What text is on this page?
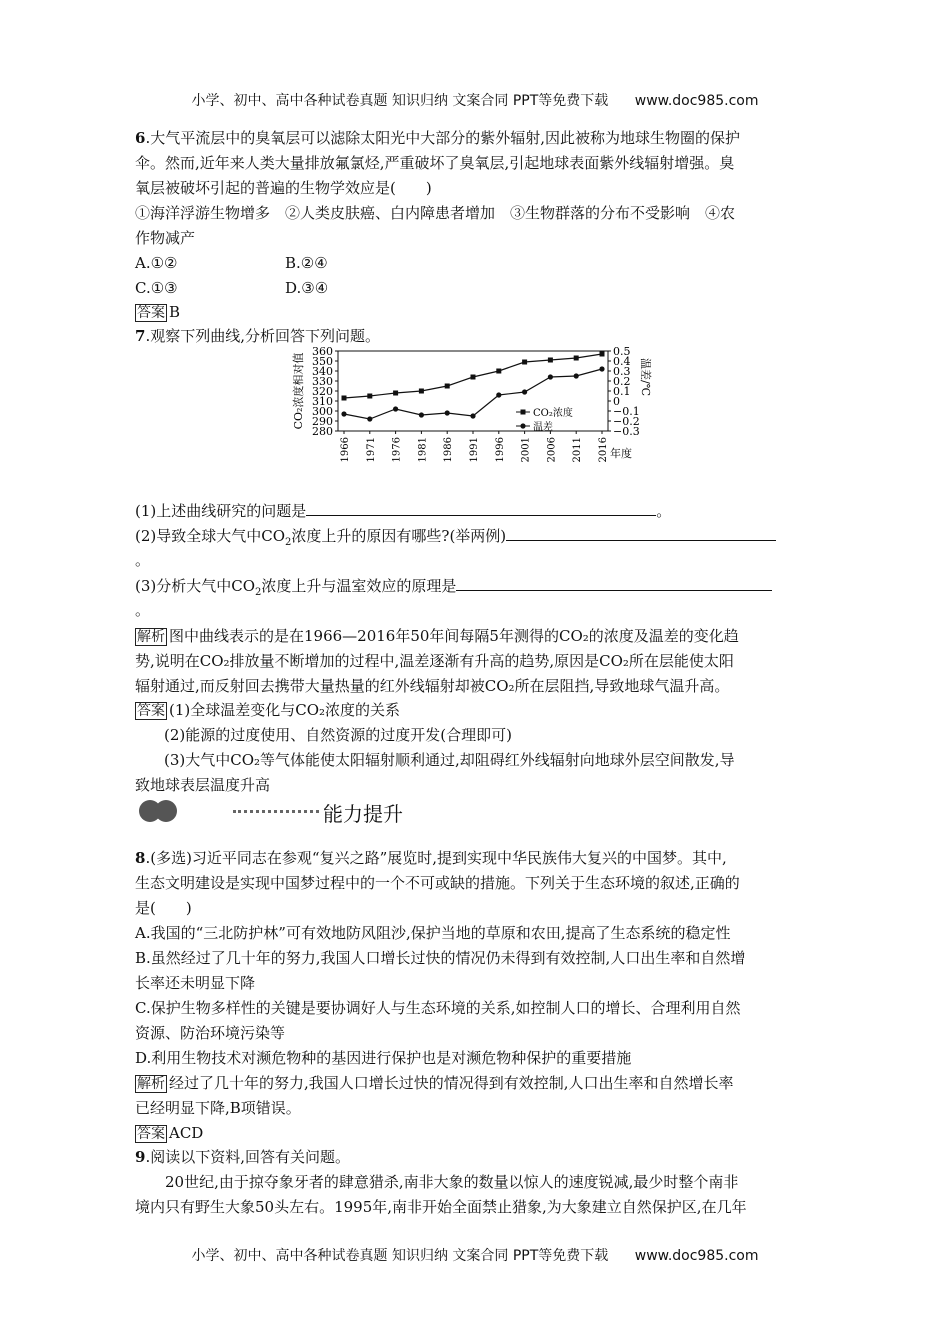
小学、初中、高中各种试卷真题 知识归纳 文案合同 PPT等免费下载 www.doc985.com
小学、初中、高中各种试卷真题 知识归纳 文案合同 PPT等免费下载 www.doc985.com
6.大气平流层中的臭氧层可以滤除太阳光中大部分的紫外辐射,因此被称为地球生物圈的保护
伞。然而,近年来人类大量排放氟氯烃,严重破坏了臭氧层,引起地球表面紫外线辐射增强。臭
氧层被破坏引起的普遍的生物学效应是(　　)
①海洋浮游生物增多　②人类皮肤癌、白内障患者增加　③生物群落的分布不受影响　④农
作物减产
A.①②	B.②④
C.①③	D.③④
答案 B
7.观察下列曲线,分析回答下列问题。
280
290
300
310
320
330
340
350
360	0.5
0.4
0.3
0.2
0.1
0
−0.1
−0.2
−0.3
1966 1971 1976 1981 1986 1991 1996 2001 2006 2011 2016 年度
CO₂浓度相对值	温差/℃
CO₂浓度
温差
(1)上述曲线研究的问题是	。
(2)导致全球大气中$CO_2$浓度上升的原因有哪些?(举两例)
。
(3)分析大气中$CO_2$浓度上升与温室效应的原理是
。
解析 图中曲线表示的是在1966—2016年50年间每隔5年测得的CO₂的浓度及温差的变化趋
势,说明在CO₂排放量不断增加的过程中,温差逐渐有升高的趋势,原因是CO₂所在层能使太阳
辐射通过,而反射回去携带大量热量的红外线辐射却被CO₂所在层阻挡,导致地球气温升高。
答案 (1)全球温差变化与CO₂浓度的关系
(2)能源的过度使用、自然资源的过度开发(合理即可)
(3)大气中CO₂等气体能使太阳辐射顺利通过,却阻碍红外线辐射向地球外层空间散发,导
致地球表层温度升高
能力提升
8.(多选)习近平同志在参观“复兴之路”展览时,提到实现中华民族伟大复兴的中国梦。其中,
生态文明建设是实现中国梦过程中的一个不可或缺的措施。下列关于生态环境的叙述,正确的
是(　　)
A.我国的“三北防护林”可有效地防风阻沙,保护当地的草原和农田,提高了生态系统的稳定性
B.虽然经过了几十年的努力,我国人口增长过快的情况仍未得到有效控制,人口出生率和自然增
长率还未明显下降
C.保护生物多样性的关键是要协调好人与生态环境的关系,如控制人口的增长、合理利用自然
资源、防治环境污染等
D.利用生物技术对濒危物种的基因进行保护也是对濒危物种保护的重要措施
解析 经过了几十年的努力,我国人口增长过快的情况得到有效控制,人口出生率和自然增长率
已经明显下降,B项错误。
答案 ACD
9.阅读以下资料,回答有关问题。
　　20世纪,由于掠夺象牙者的肆意猎杀,南非大象的数量以惊人的速度锐减,最少时整个南非
境内只有野生大象50头左右。1995年,南非开始全面禁止猎象,为大象建立自然保护区,在几年
